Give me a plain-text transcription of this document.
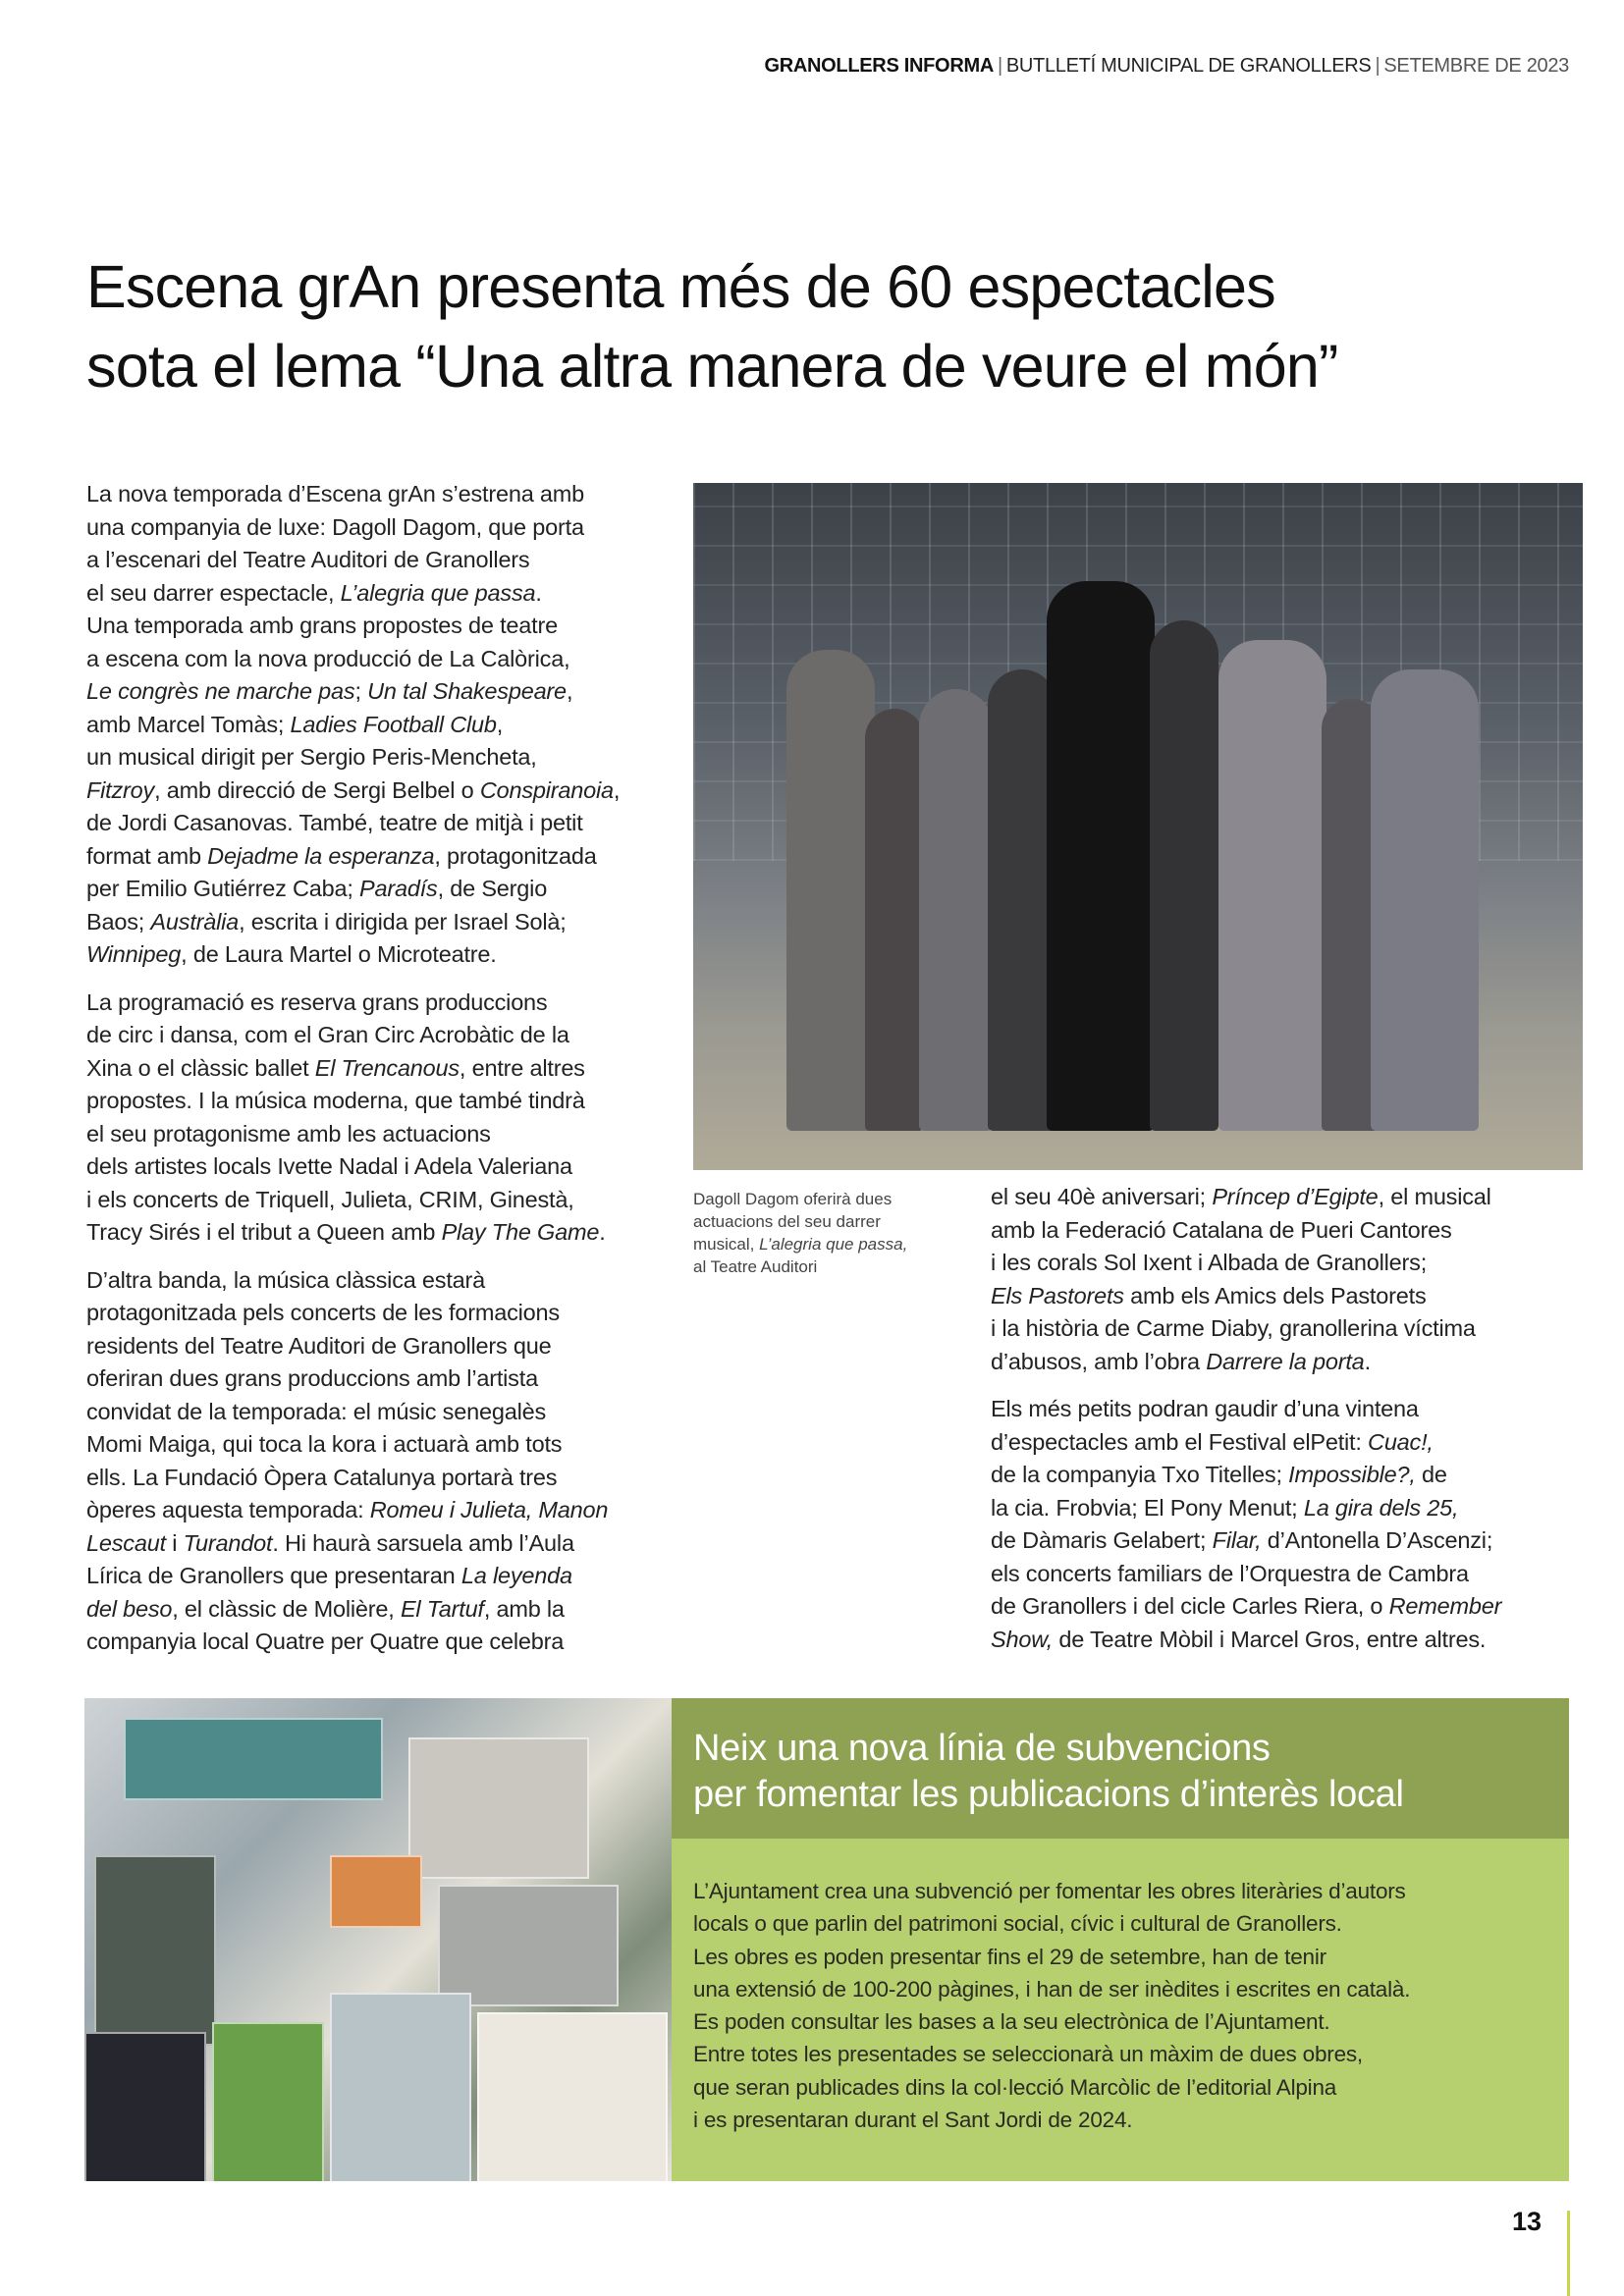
GRANOLLERS INFORMA | BUTLLETÍ MUNICIPAL DE GRANOLLERS | SETEMBRE DE 2023
Escena grAn presenta més de 60 espectacles
sota el lema “Una altra manera de veure el món”

La nova temporada d’Escena grAn s’estrena amb
una companyia de luxe: Dagoll Dagom, que porta
a l’escenari del Teatre Auditori de Granollers
el seu darrer espectacle, L’alegria que passa.
Una temporada amb grans propostes de teatre
a escena com la nova producció de La Calòrica,
Le congrès ne marche pas; Un tal Shakespeare,
amb Marcel Tomàs; Ladies Football Club,
un musical dirigit per Sergio Peris-Mencheta,
Fitzroy, amb direcció de Sergi Belbel o Conspiranoia,
de Jordi Casanovas. També, teatre de mitjà i petit
format amb Dejadme la esperanza, protagonitzada
per Emilio Gutiérrez Caba; Paradís, de Sergio
Baos; Austràlia, escrita i dirigida per Israel Solà;
Winnipeg, de Laura Martel o Microteatre.

La programació es reserva grans produccions
de circ i dansa, com el Gran Circ Acrobàtic de la
Xina o el clàssic ballet El Trencanous, entre altres
propostes. I la música moderna, que també tindrà
el seu protagonisme amb les actuacions
dels artistes locals Ivette Nadal i Adela Valeriana
i els concerts de Triquell, Julieta, CRIM, Ginestà,
Tracy Sirés i el tribut a Queen amb Play The Game.

D’altra banda, la música clàssica estarà
protagonitzada pels concerts de les formacions
residents del Teatre Auditori de Granollers que
oferiran dues grans produccions amb l’artista
convidat de la temporada: el músic senegalès
Momi Maiga, qui toca la kora i actuarà amb tots
ells. La Fundació Òpera Catalunya portarà tres
òperes aquesta temporada: Romeu i Julieta, Manon
Lescaut i Turandot. Hi haurà sarsuela amb l’Aula
Lírica de Granollers que presentaran La leyenda
del beso, el clàssic de Molière, El Tartuf, amb la
companyia local Quatre per Quatre que celebra

Dagoll Dagom oferirà dues
actuacions del seu darrer
musical, L’alegria que passa,
al Teatre Auditori

el seu 40è aniversari; Príncep d’Egipte, el musical
amb la Federació Catalana de Pueri Cantores
i les corals Sol Ixent i Albada de Granollers;
Els Pastorets amb els Amics dels Pastorets
i la història de Carme Diaby, granollerina víctima
d’abusos, amb l’obra Darrere la porta.

Els més petits podran gaudir d’una vintena
d’espectacles amb el Festival elPetit: Cuac!,
de la companyia Txo Titelles; Impossible?, de
la cia. Frobvia; El Pony Menut; La gira dels 25,
de Dàmaris Gelabert; Filar, d’Antonella D’Ascenzi;
els concerts familiars de l’Orquestra de Cambra
de Granollers i del cicle Carles Riera, o Remember
Show, de Teatre Mòbil i Marcel Gros, entre altres.

Neix una nova línia de subvencions
per fomentar les publicacions d’interès local
L’Ajuntament crea una subvenció per fomentar les obres literàries d’autors
locals o que parlin del patrimoni social, cívic i cultural de Granollers.
Les obres es poden presentar fins el 29 de setembre, han de tenir
una extensió de 100-200 pàgines, i han de ser inèdites i escrites en català.
Es poden consultar les bases a la seu electrònica de l’Ajuntament.
Entre totes les presentades se seleccionarà un màxim de dues obres,
que seran publicades dins la col·lecció Marcòlic de l’editorial Alpina
i es presentaran durant el Sant Jordi de 2024.
13
